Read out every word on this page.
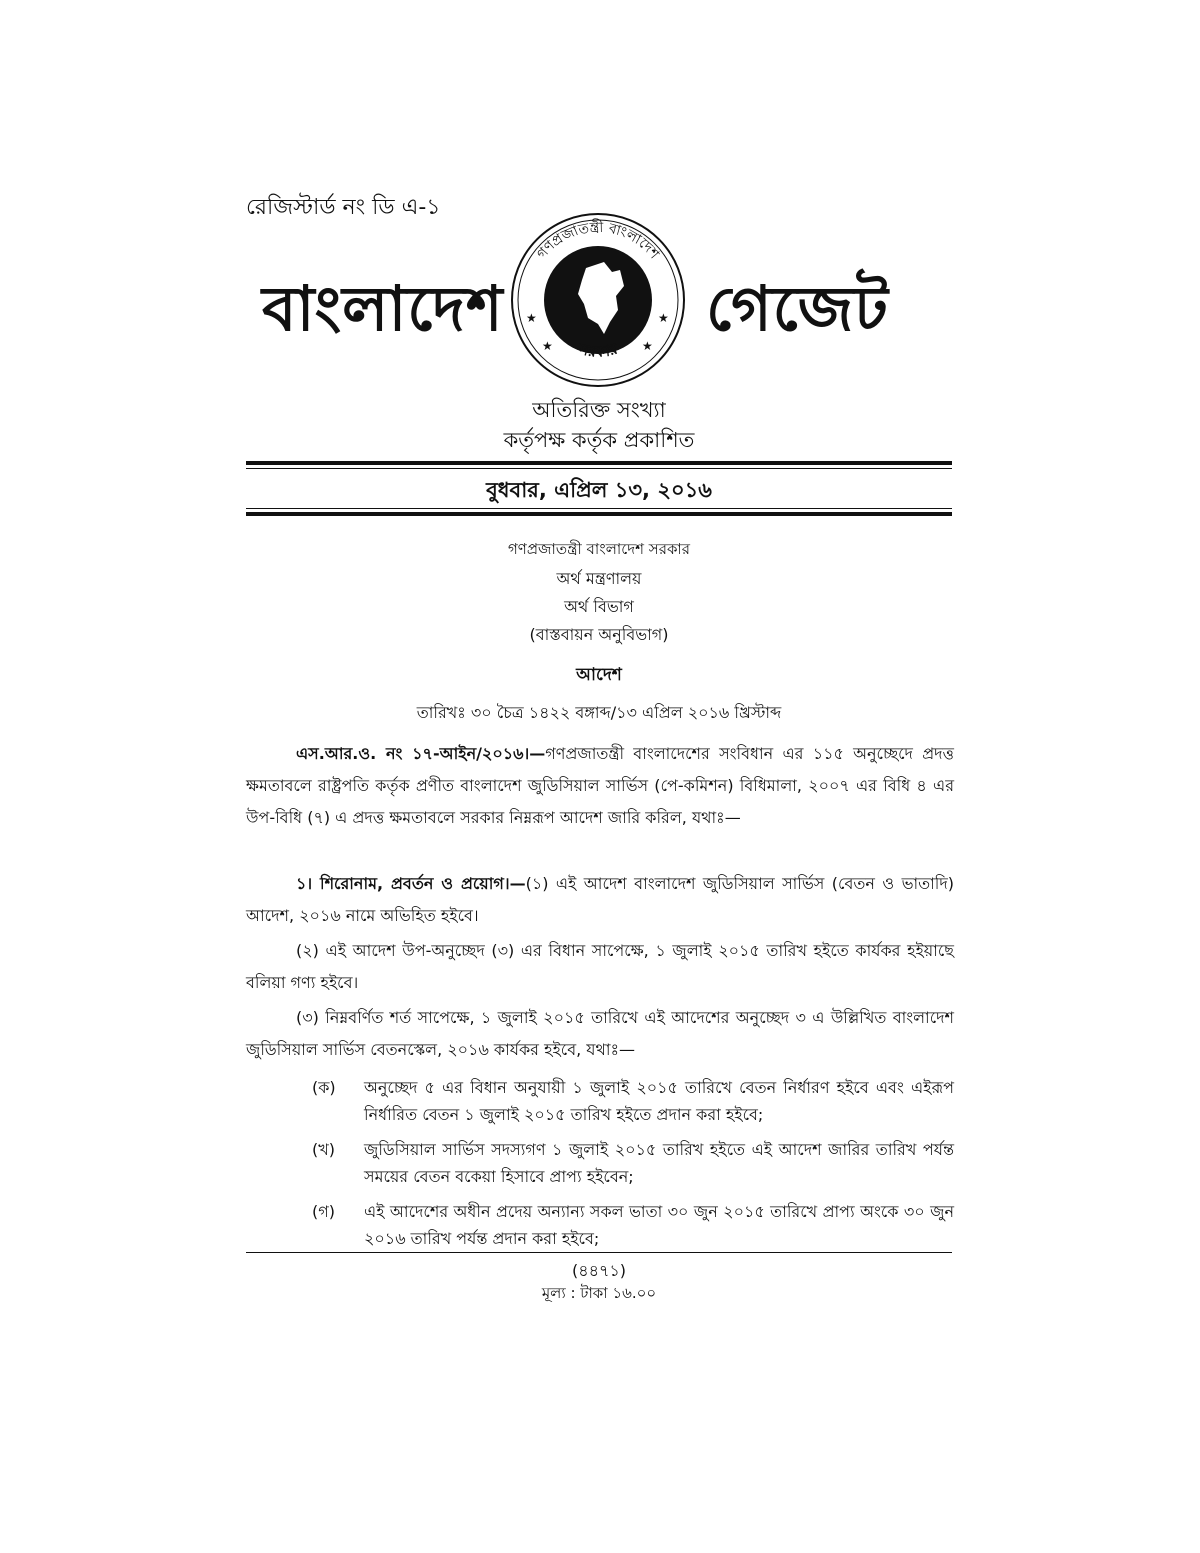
রেজিস্টার্ড নং ডি এ-১
বাংলাদেশ
গণপ্রজাতন্ত্রী বাংলাদেশ
সরকার
★	★
★	★
গেজেট
অতিরিক্ত সংখ্যা
কর্তৃপক্ষ কর্তৃক প্রকাশিত
বুধবার, এপ্রিল ১৩, ২০১৬
গণপ্রজাতন্ত্রী বাংলাদেশ সরকার
অর্থ মন্ত্রণালয়
অর্থ বিভাগ
(বাস্তবায়ন অনুবিভাগ)
আদেশ
তারিখঃ ৩০ চৈত্র ১৪২২ বঙ্গাব্দ/১৩ এপ্রিল ২০১৬ খ্রিস্টাব্দ
এস.আর.ও. নং ১৭-আইন/২০১৬।—গণপ্রজাতন্ত্রী বাংলাদেশের সংবিধান এর ১১৫ অনুচ্ছেদে প্রদত্ত ক্ষমতাবলে রাষ্ট্রপতি কর্তৃক প্রণীত বাংলাদেশ জুডিসিয়াল সার্ভিস (পে-কমিশন) বিধিমালা, ২০০৭ এর বিধি ৪ এর উপ-বিধি (৭) এ প্রদত্ত ক্ষমতাবলে সরকার নিম্নরূপ আদেশ জারি করিল, যথাঃ—
১। শিরোনাম, প্রবর্তন ও প্রয়োগ।—(১) এই আদেশ বাংলাদেশ জুডিসিয়াল সার্ভিস (বেতন ও ভাতাদি) আদেশ, ২০১৬ নামে অভিহিত হইবে।
(২) এই আদেশ উপ-অনুচ্ছেদ (৩) এর বিধান সাপেক্ষে, ১ জুলাই ২০১৫ তারিখ হইতে কার্যকর হইয়াছে বলিয়া গণ্য হইবে।
(৩) নিম্নবর্ণিত শর্ত সাপেক্ষে, ১ জুলাই ২০১৫ তারিখে এই আদেশের অনুচ্ছেদ ৩ এ উল্লিখিত বাংলাদেশ জুডিসিয়াল সার্ভিস বেতনস্কেল, ২০১৬ কার্যকর হইবে, যথাঃ—
(ক)	অনুচ্ছেদ ৫ এর বিধান অনুযায়ী ১ জুলাই ২০১৫ তারিখে বেতন নির্ধারণ হইবে এবং এইরূপ নির্ধারিত বেতন ১ জুলাই ২০১৫ তারিখ হইতে প্রদান করা হইবে;
(খ)	জুডিসিয়াল সার্ভিস সদস্যগণ ১ জুলাই ২০১৫ তারিখ হইতে এই আদেশ জারির তারিখ পর্যন্ত সময়ের বেতন বকেয়া হিসাবে প্রাপ্য হইবেন;
(গ)	এই আদেশের অধীন প্রদেয় অন্যান্য সকল ভাতা ৩০ জুন ২০১৫ তারিখে প্রাপ্য অংকে ৩০ জুন ২০১৬ তারিখ পর্যন্ত প্রদান করা হইবে;
(৪৪৭১)
মূল্য : টাকা ১৬.০০
